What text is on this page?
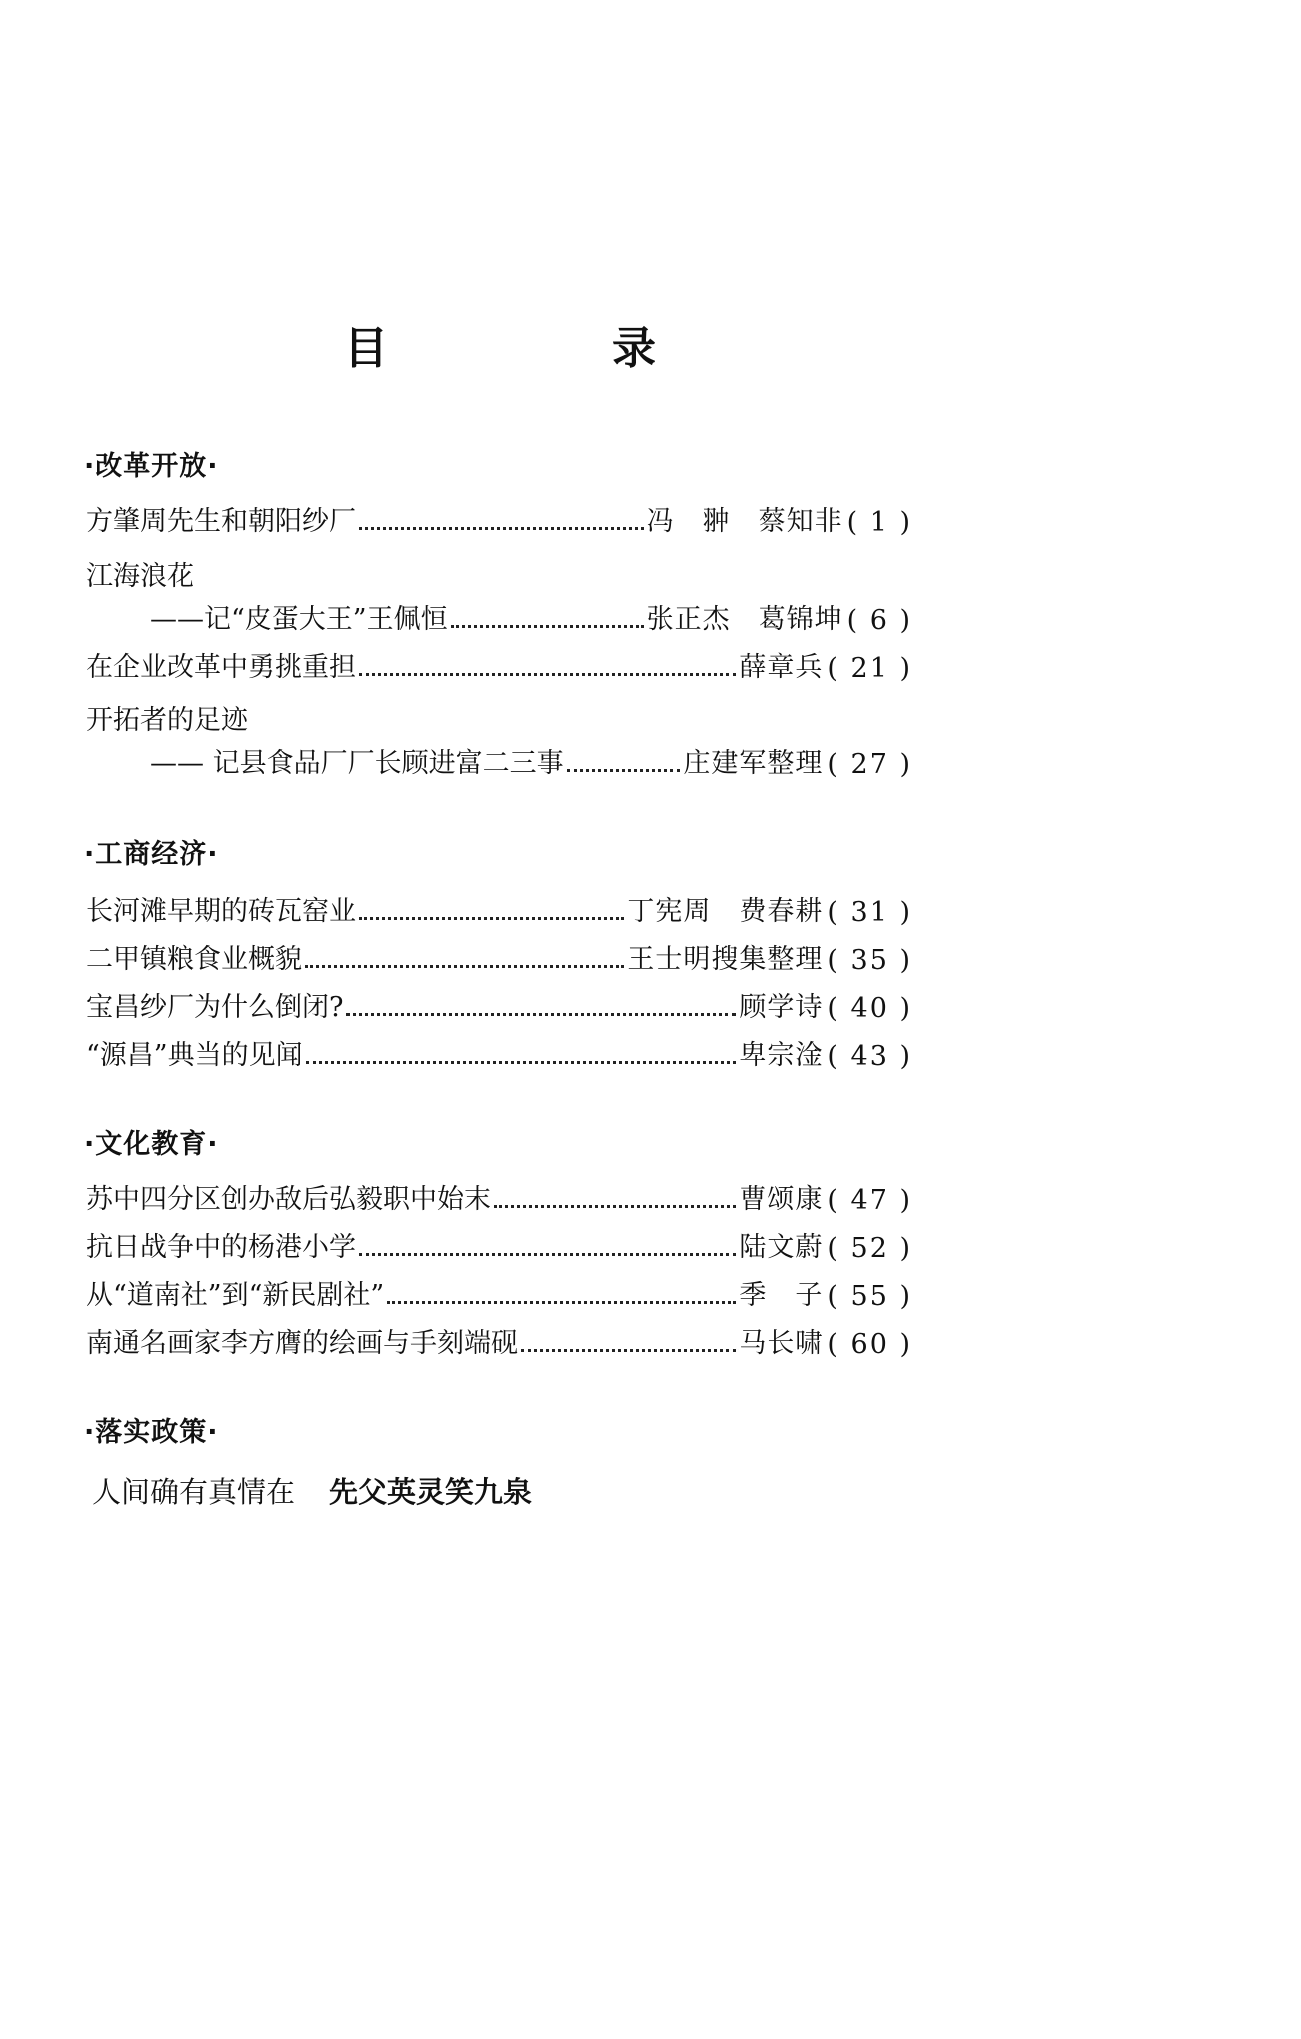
目　录
·改革开放·
方肇周先生和朝阳纱厂	冯　翀　蔡知非 ( 1 )
江海浪花
——记“皮蛋大王”王佩恒	张正杰　葛锦坤 ( 6 )
在企业改革中勇挑重担	薛章兵 ( 21 )
开拓者的足迹
—— 记县食品厂厂长顾进富二三事	庄建军整理 ( 27 )
·工商经济·
长河滩早期的砖瓦窑业	丁宪周　费春耕 ( 31 )
二甲镇粮食业概貌	王士明搜集整理 ( 35 )
宝昌纱厂为什么倒闭?	顾学诗 ( 40 )
“源昌”典当的见闻	卑宗淦 ( 43 )
·文化教育·
苏中四分区创办敌后弘毅职中始末	曹颂康 ( 47 )
抗日战争中的杨港小学	陆文蔚 ( 52 )
从“道南社”到“新民剧社”	季　子 ( 55 )
南通名画家李方膺的绘画与手刻端砚	马长啸 ( 60 )
·落实政策·
人间确有真情在 先父英灵笑九泉
